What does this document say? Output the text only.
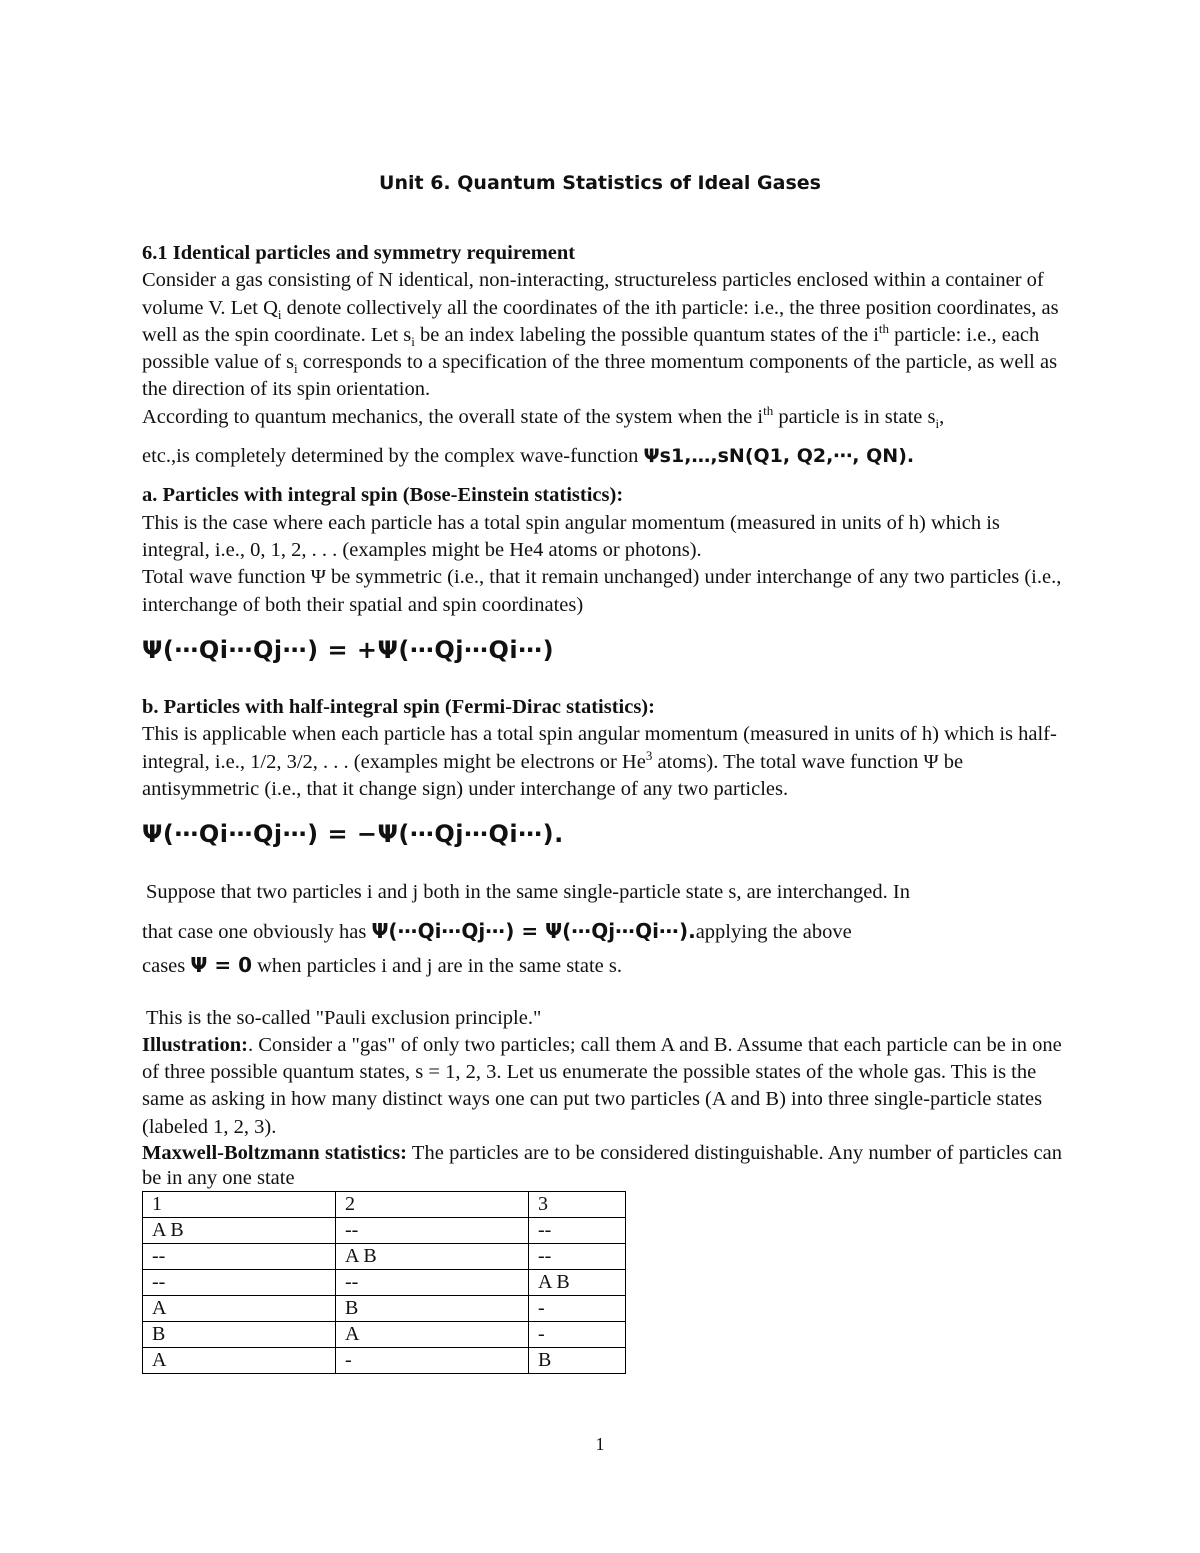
Unit 6. Quantum Statistics of Ideal Gases

6.1 Identical particles and symmetry requirement

Consider a gas consisting of N identical, non-interacting, structureless particles enclosed within a container of volume V. Let $Q_i$ denote collectively all the coordinates of the ith particle: i.e., the three position coordinates, as well as the spin coordinate. Let $s_i$ be an index labeling the possible quantum states of the $i^{th}$ particle: i.e., each possible value of $s_i$ corresponds to a specification of the three momentum components of the particle, as well as the direction of its spin orientation.

According to quantum mechanics, the overall state of the system when the $i^{th}$ particle is in state $s_i$,

etc.,is completely determined by the complex wave-function Ψs1,…,sN(Q1, Q2,⋯, QN).

a. Particles with integral spin (Bose-Einstein statistics):

This is the case where each particle has a total spin angular momentum (measured in units of h) which is integral, i.e., 0, 1, 2, . . . (examples might be He4 atoms or photons).

Total wave function Ψ be symmetric (i.e., that it remain unchanged) under interchange of any two particles (i.e., interchange of both their spatial and spin coordinates)

Ψ(⋯Qi⋯Qj⋯) = +Ψ(⋯Qj⋯Qi⋯)

b. Particles with half-integral spin (Fermi-Dirac statistics):

This is applicable when each particle has a total spin angular momentum (measured in units of h) which is half-integral, i.e., 1/2, 3/2, . . . (examples might be electrons or He$^3$ atoms). The total wave function Ψ be antisymmetric (i.e., that it change sign) under interchange of any two particles.

Ψ(⋯Qi⋯Qj⋯) = −Ψ(⋯Qj⋯Qi⋯).

Suppose that two particles i and j both in the same single-particle state s, are interchanged. In

that case one obviously has Ψ(⋯Qi⋯Qj⋯) = Ψ(⋯Qj⋯Qi⋯).applying the above

cases Ψ = 0 when particles i and j are in the same state s.

This is the so-called "Pauli exclusion principle."

Illustration:. Consider a "gas" of only two particles; call them A and B. Assume that each particle can be in one of three possible quantum states, s = 1, 2, 3. Let us enumerate the possible states of the whole gas. This is the same as asking in how many distinct ways one can put two particles (A and B) into three single-particle states (labeled 1, 2, 3).

Maxwell-Boltzmann statistics: The particles are to be considered distinguishable. Any number of particles can be in any one state

1	2	3
A B	--	--
--	A B	--
--	--	A B
A	B	-
B	A	-
A	-	B
1
